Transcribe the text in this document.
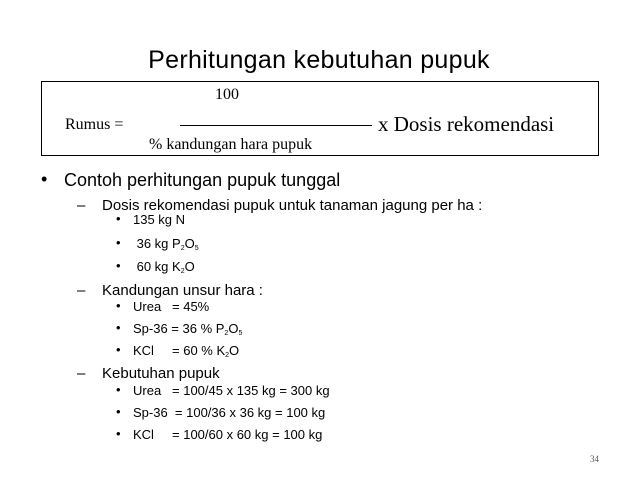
Perhitungan kebutuhan pupuk
100
Rumus =	x Dosis rekomendasi
% kandungan hara pupuk
• Contoh perhitungan pupuk tunggal
– Dosis rekomendasi pupuk untuk tanaman jagung per ha :
• 135 kg N
• 36 kg $P_2O_5$
• 60 kg $K_2O$
– Kandungan unsur hara :
• Urea   = 45%
• Sp-36 = 36 % $P_2O_5$
• KCl     = 60 % $K_2O$
– Kebutuhan pupuk
• Urea   = 100/45 x 135 kg = 300 kg
• Sp-36  = 100/36 x 36 kg = 100 kg
• KCl     = 100/60 x 60 kg = 100 kg
34
